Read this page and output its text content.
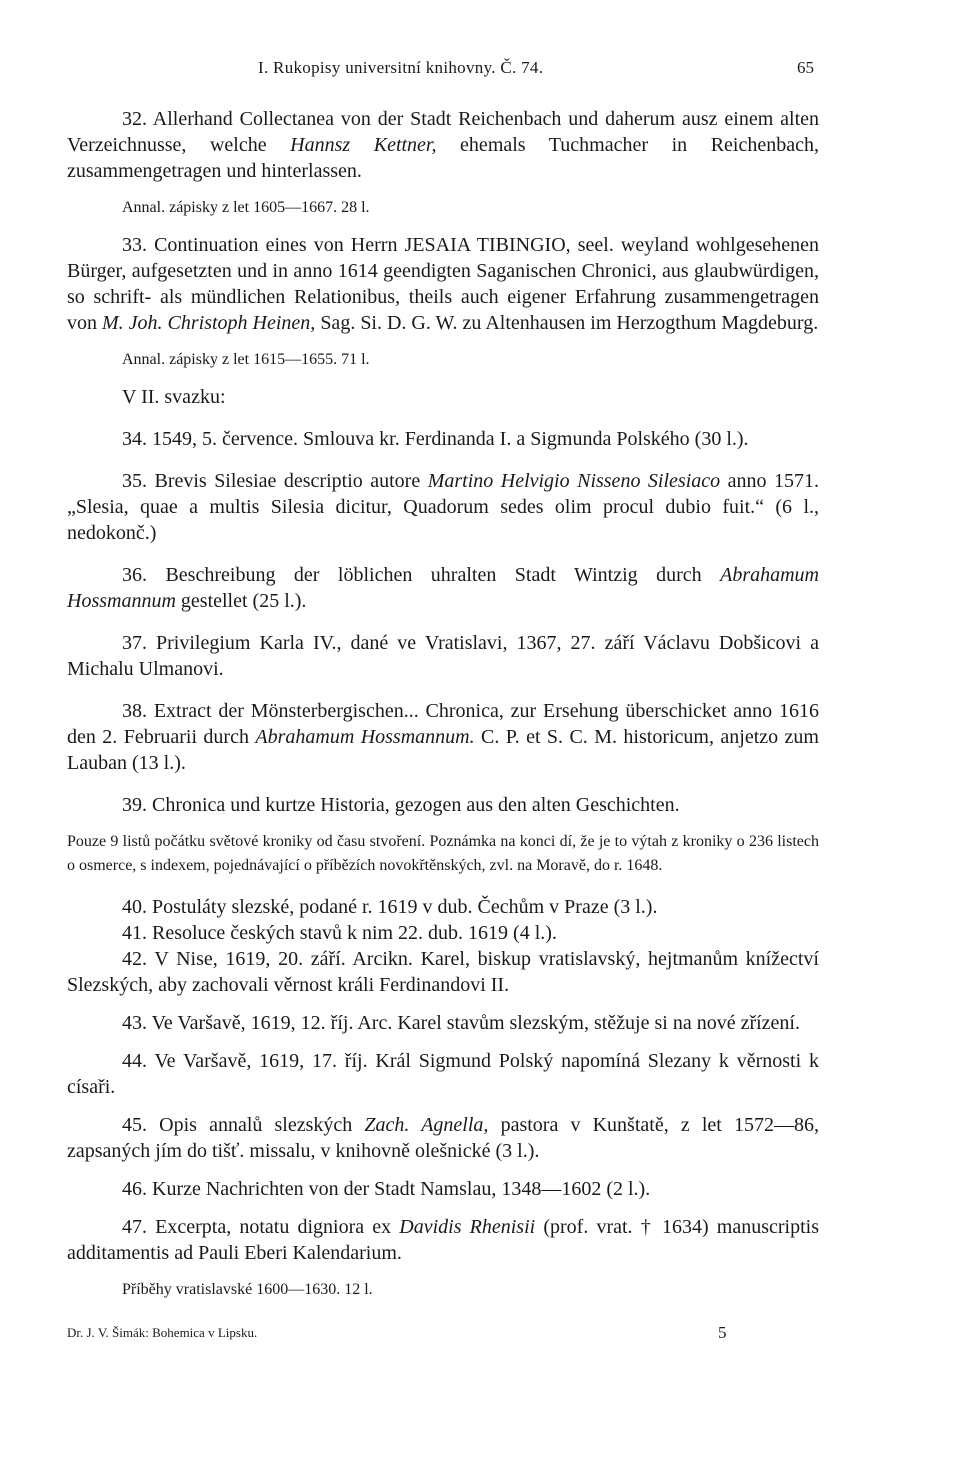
I. Rukopisy universitní knihovny. Č. 74.	65

32. Allerhand Collectanea von der Stadt Reichenbach und daherum ausz einem alten Verzeichnusse, welche Hannsz Kettner, ehemals Tuchmacher in Reichenbach, zusammengetragen und hinterlassen.

Annal. zápisky z let 1605—1667. 28 l.

33. Continuation eines von Herrn JESAIA TIBINGIO, seel. weyland wohlgesehenen Bürger, aufgesetzten und in anno 1614 geendigten Saganischen Chronici, aus glaubwürdigen, so schrift- als mündlichen Relationibus, theils auch eigener Erfahrung zusammengetragen von M. Joh. Christoph Heinen, Sag. Si. D. G. W. zu Altenhausen im Herzogthum Magdeburg.

Annal. zápisky z let 1615—1655. 71 l.

V II. svazku:

34. 1549, 5. července. Smlouva kr. Ferdinanda I. a Sigmunda Polského (30 l.).

35. Brevis Silesiae descriptio autore Martino Helvigio Nisseno Silesiaco anno 1571. „Slesia, quae a multis Silesia dicitur, Quadorum sedes olim procul dubio fuit.“ (6 l., nedokonč.)

36. Beschreibung der löblichen uhralten Stadt Wintzig durch Abrahamum Hossmannum gestellet (25 l.).

37. Privilegium Karla IV., dané ve Vratislavi, 1367, 27. září Václavu Dobšicovi a Michalu Ulmanovi.

38. Extract der Mönsterbergischen... Chronica, zur Ersehung überschicket anno 1616 den 2. Februarii durch Abrahamum Hossmannum. C. P. et S. C. M. historicum, anjetzo zum Lauban (13 l.).

39. Chronica und kurtze Historia, gezogen aus den alten Geschichten.

Pouze 9 listů počátku světové kroniky od času stvoření. Poznámka na konci dí, že je to výtah z kroniky o 236 listech o osmerce, s indexem, pojednávající o příbězích novokřtěnských, zvl. na Moravě, do r. 1648.

40. Postuláty slezské, podané r. 1619 v dub. Čechům v Praze (3 l.).

41. Resoluce českých stavů k nim 22. dub. 1619 (4 l.).

42. V Nise, 1619, 20. září. Arcikn. Karel, biskup vratislavský, hejtmanům knížectví Slezských, aby zachovali věrnost králi Ferdinandovi II.

43. Ve Varšavě, 1619, 12. říj. Arc. Karel stavům slezským, stěžuje si na nové zřízení.

44. Ve Varšavě, 1619, 17. říj. Král Sigmund Polský napomíná Slezany k věrnosti k císaři.

45. Opis annalů slezských Zach. Agnella, pastora v Kunštatě, z let 1572—86, zapsaných jím do tišť. missalu, v knihovně olešnické (3 l.).

46. Kurze Nachrichten von der Stadt Namslau, 1348—1602 (2 l.).

47. Excerpta, notatu digniora ex Davidis Rhenisii (prof. vrat. † 1634) manuscriptis additamentis ad Pauli Eberi Kalendarium.

Příběhy vratislavské 1600—1630. 12 l.

Dr. J. V. Šimák: Bohemica v Lipsku.	5
